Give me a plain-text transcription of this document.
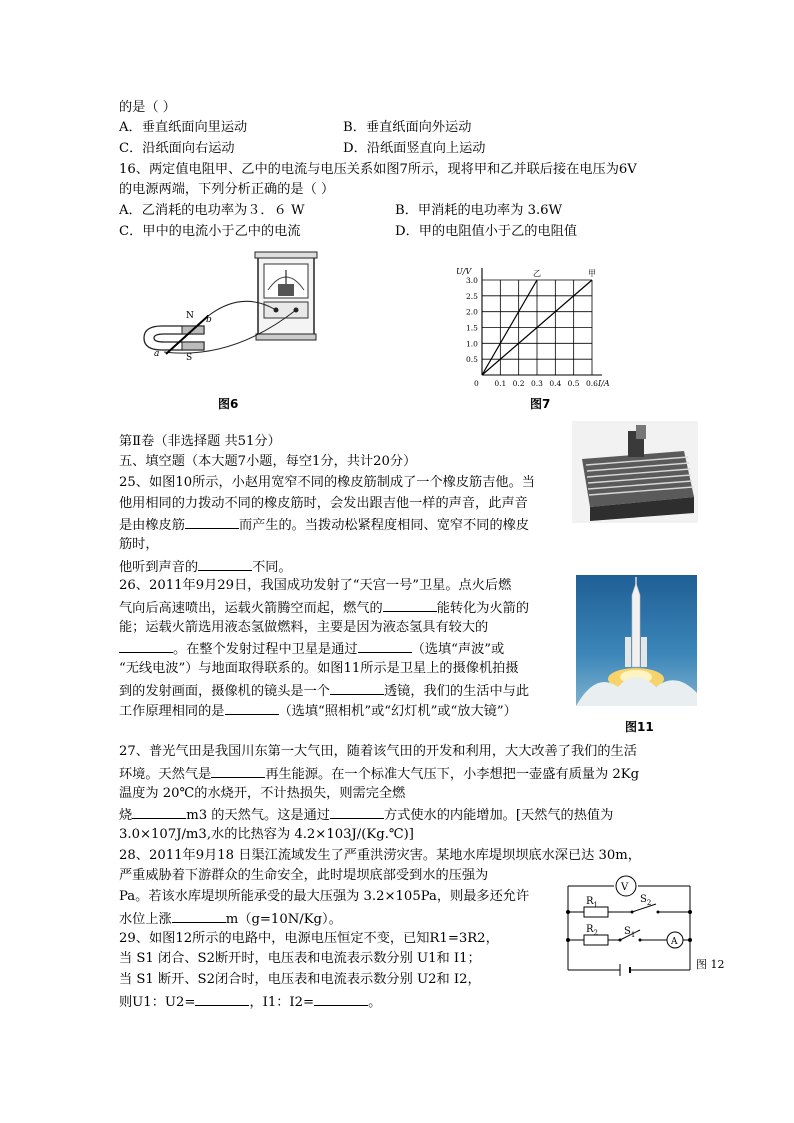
的是（ ）
A．垂直纸面向里运动	B．垂直纸面向外运动
C．沿纸面向右运动	D．沿纸面竖直向上运动
16、两定值电阻甲、乙中的电流与电压关系如图7所示，现将甲和乙并联后接在电压为6V
的电源两端，下列分析正确的是（ ）
A．乙消耗的电功率为３．６ W	B．甲消耗的电功率为 3.6W
C．甲中的电流小于乙中的电流	D．甲的电阻值小于乙的电阻值
N
S
a
b
图6
U/V
I/A
0 0.1 0.2 0.3 0.4 0.5 0.6
0.5
1.0
1.5
2.0
2.5
3.0
乙	甲
图7
第Ⅱ卷（非选择题 共51分）
五、填空题（本大题7小题，每空1分，共计20分）
25、如图10所示，小赵用宽窄不同的橡皮筋制成了一个橡皮筋吉他。当
他用相同的力拨动不同的橡皮筋时，会发出跟吉他一样的声音，此声音
是由橡皮筋	而产生的。当拨动松紧程度相同、宽窄不同的橡皮
筋时，
他听到声音的	不同。
26、2011年9月29日，我国成功发射了“天宫一号”卫星。点火后燃
气向后高速喷出，运载火箭腾空而起，燃气的	能转化为火箭的
能；运载火箭选用液态氢做燃料，主要是因为液态氢具有较大的
。在整个发射过程中卫星是通过	（选填“声波”或
“无线电波”）与地面取得联系的。如图11所示是卫星上的摄像机拍摄
到的发射画面，摄像机的镜头是一个	透镜，我们的生活中与此
工作原理相同的是	（选填“照相机”或“幻灯机”或“放大镜”）
图11
27、普光气田是我国川东第一大气田，随着该气田的开发和利用，大大改善了我们的生活
环境。天然气是	再生能源。在一个标准大气压下，小李想把一壶盛有质量为 2Kg
温度为 20℃的水烧开，不计热损失，则需完全燃
烧	m3 的天然气。这是通过	方式使水的内能增加。[天然气的热值为
3.0×107J/m3,水的比热容为 4.2×103J/(Kg.℃)]
28、2011年9月18 日渠江流域发生了严重洪涝灾害。某地水库堤坝坝底水深已达 30m，
严重威胁着下游群众的生命安全，此时堤坝底部受到水的压强为
Pa。若该水库堤坝所能承受的最大压强为 3.2×105Pa，则最多还允许
水位上涨	m（g=10N/Kg）。
29、如图12所示的电路中，电源电压恒定不变，已知R1=3R2，
当 S1 闭合、S2断开时，电压表和电流表示数分别 U1和 I1；
当 S1 断开、S2闭合时，电压表和电流表示数分别 U2和 I2，
则U1：U2=	，I1：I2=	。
V
A
$R_1$
$R_2$
$S_2$
$S_1$
图 12
